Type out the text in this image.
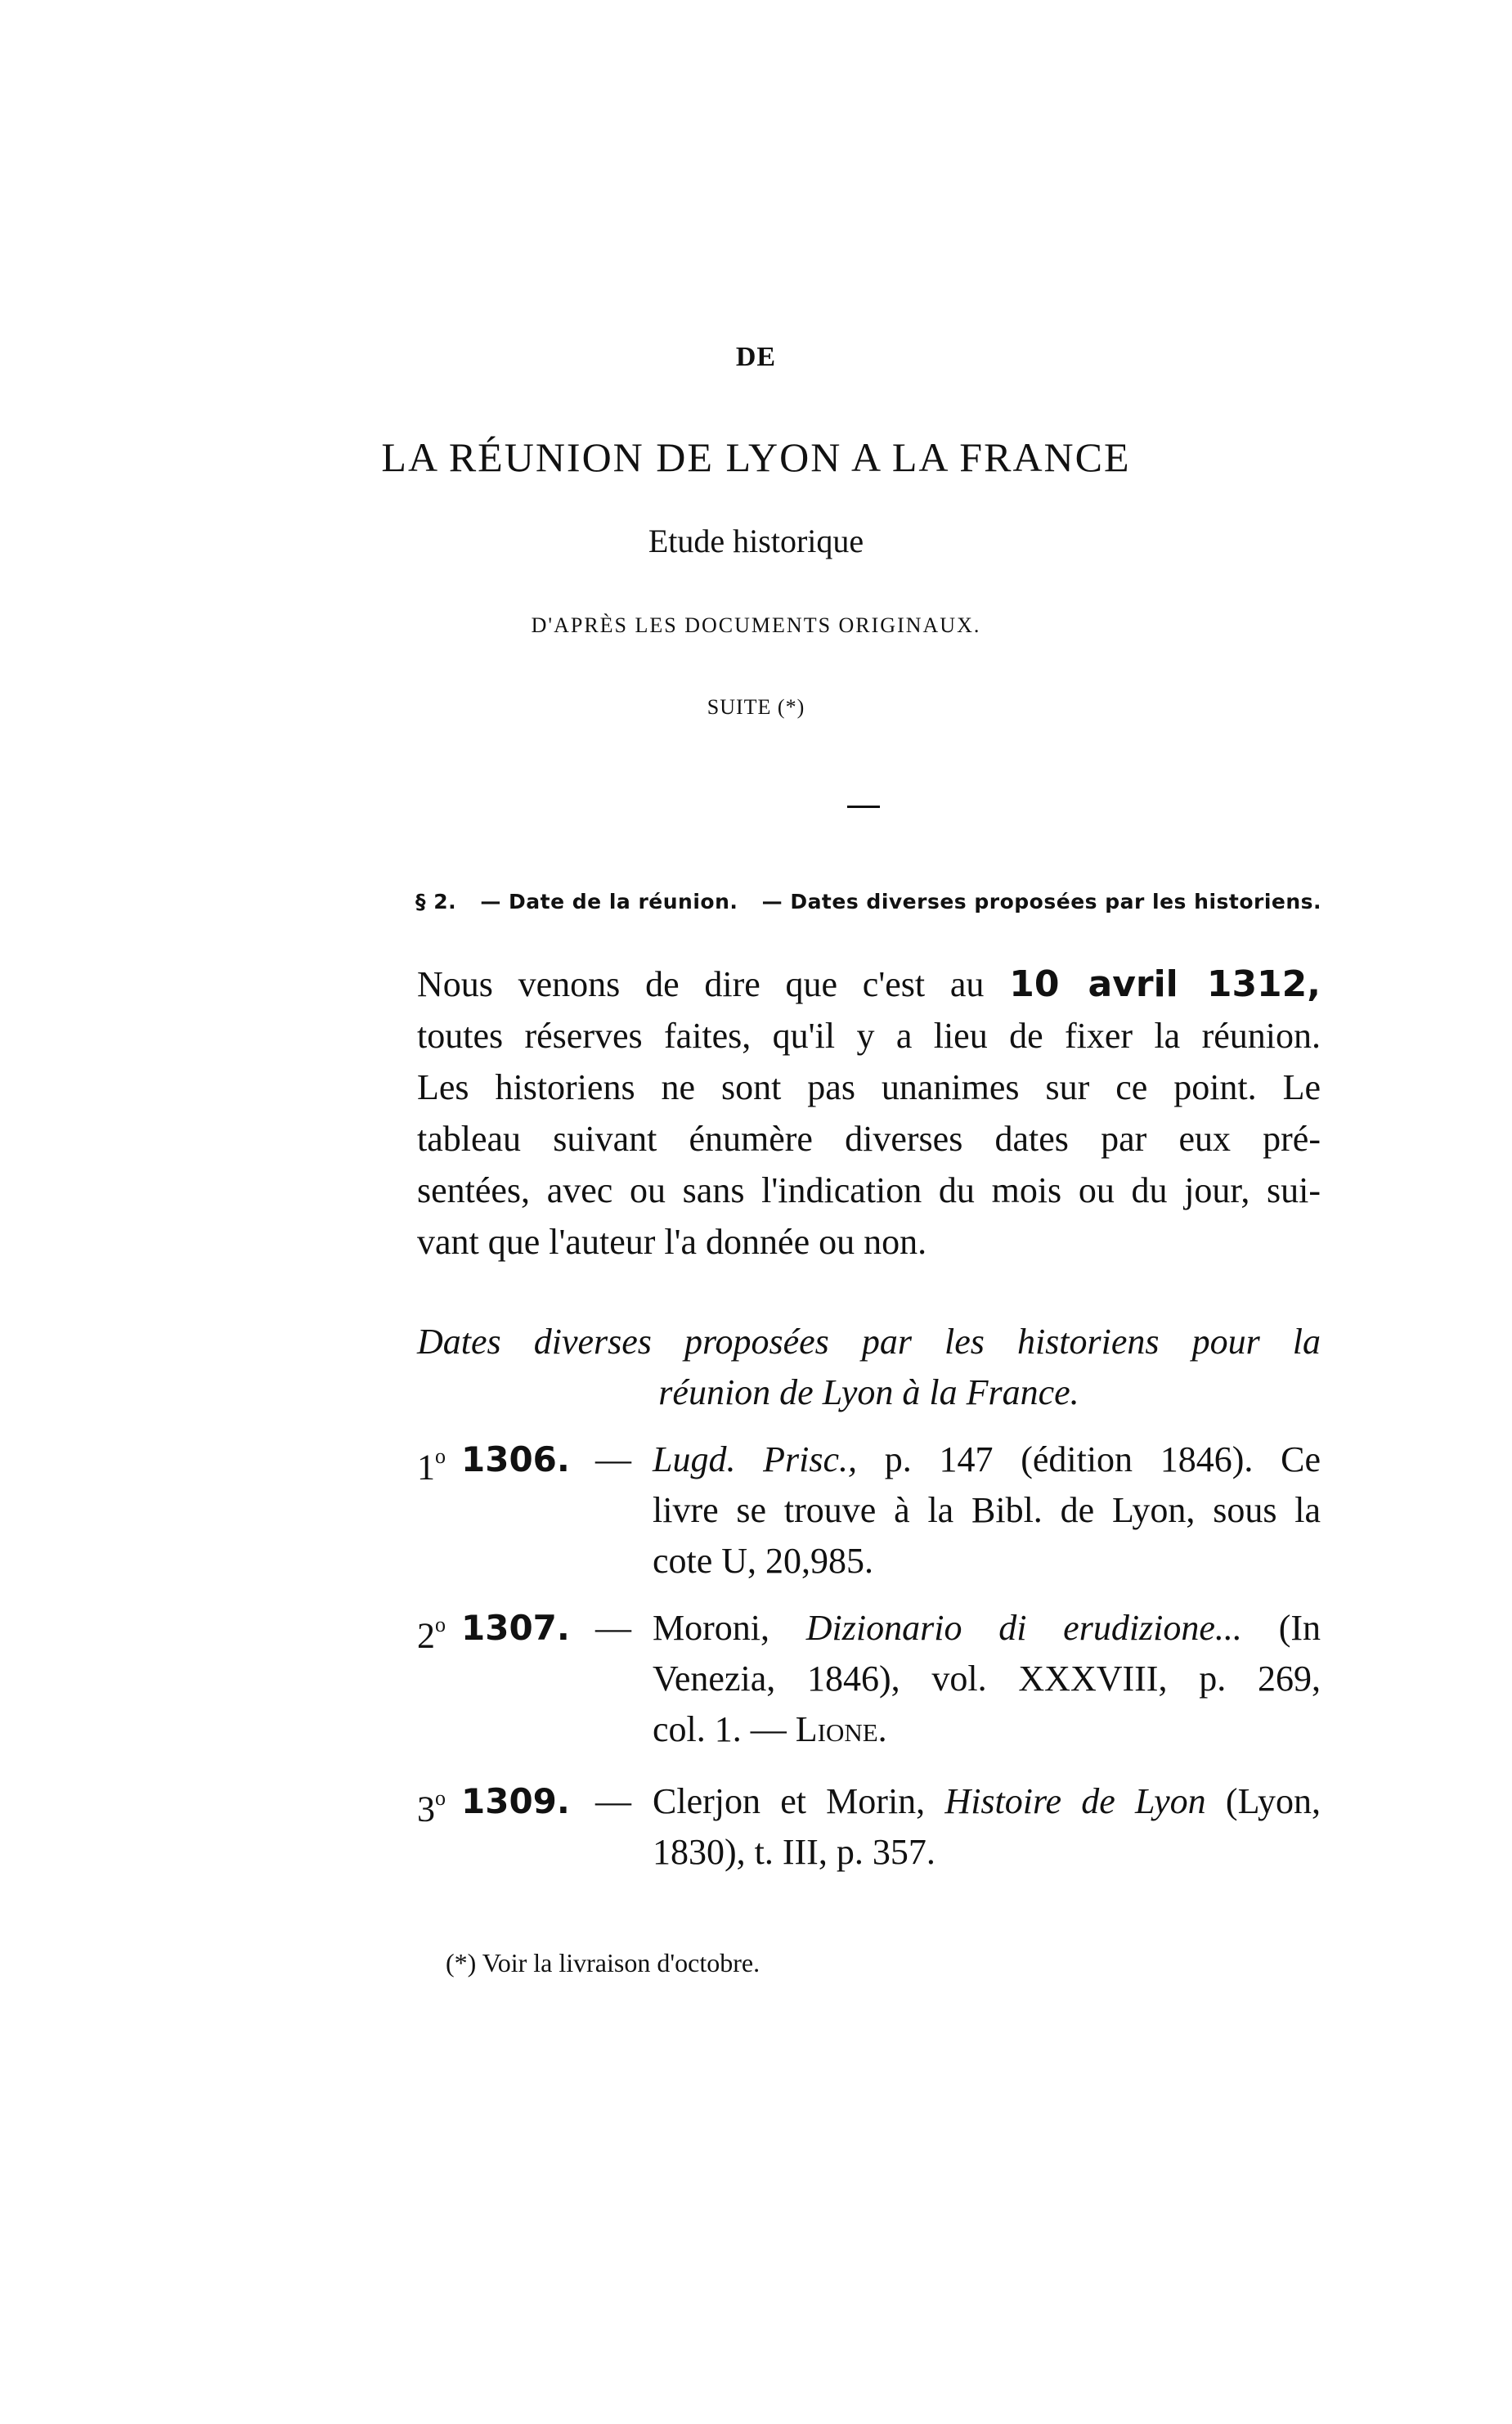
DE
LA RÉUNION DE LYON A LA FRANCE
Etude historique
D'APRÈS LES DOCUMENTS ORIGINAUX.
SUITE (*)
§ 2. — Date de la réunion. — Dates diverses proposées par les historiens.
Nous venons de dire que c'est au 10 avril 1312,
toutes réserves faites, qu'il y a lieu de fixer la réunion.
Les historiens ne sont pas unanimes sur ce point. Le
tableau suivant énumère diverses dates par eux pré-
sentées, avec ou sans l'indication du mois ou du jour, sui-
vant que l'auteur l'a donnée ou non.
Dates diverses proposées par les historiens pour la
réunion de Lyon à la France.
1$^o$ 1306. — Lugd. Prisc., p. 147 (édition 1846). Ce
livre se trouve à la Bibl. de Lyon, sous la
cote U, 20,985.
2$^o$ 1307. — Moroni, Dizionario di erudizione... (In
Venezia, 1846), vol. XXXVIII, p. 269,
col. 1. — Lione.
3$^o$ 1309. — Clerjon et Morin, Histoire de Lyon (Lyon,
1830), t. III, p. 357.
(*) Voir la livraison d'octobre.
